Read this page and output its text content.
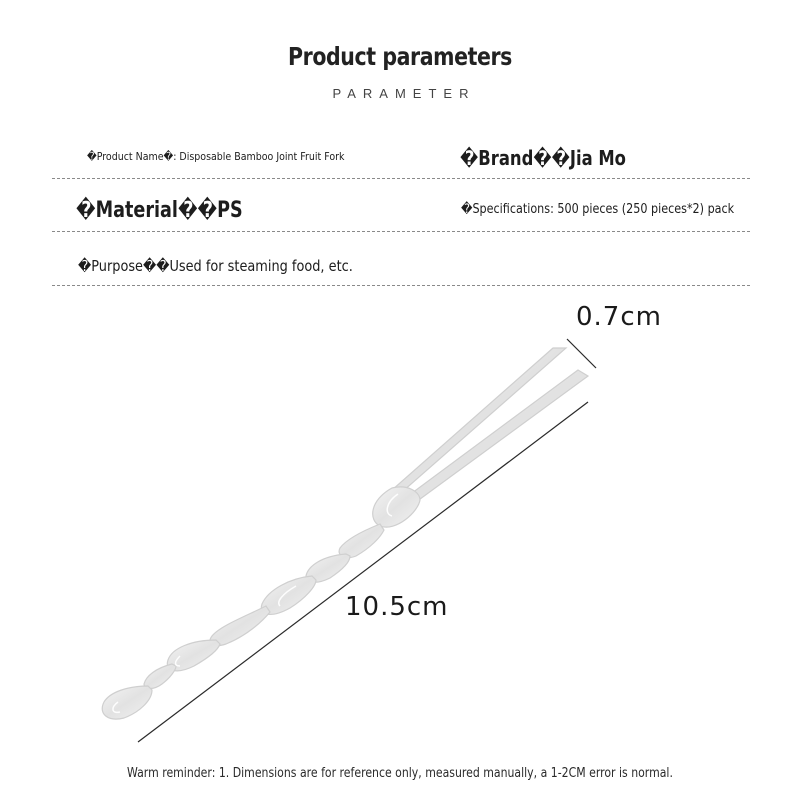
Product parameters
PARAMETER
�Product Name�: Disposable Bamboo Joint Fruit Fork	�Brand��Jia Mo
�Material��PS	�Specifications: 500 pieces (250 pieces*2) pack
�Purpose��Used for steaming food, etc.
0.7cm
10.5cm
Warm reminder: 1. Dimensions are for reference only, measured manually, a 1-2CM error is normal.
